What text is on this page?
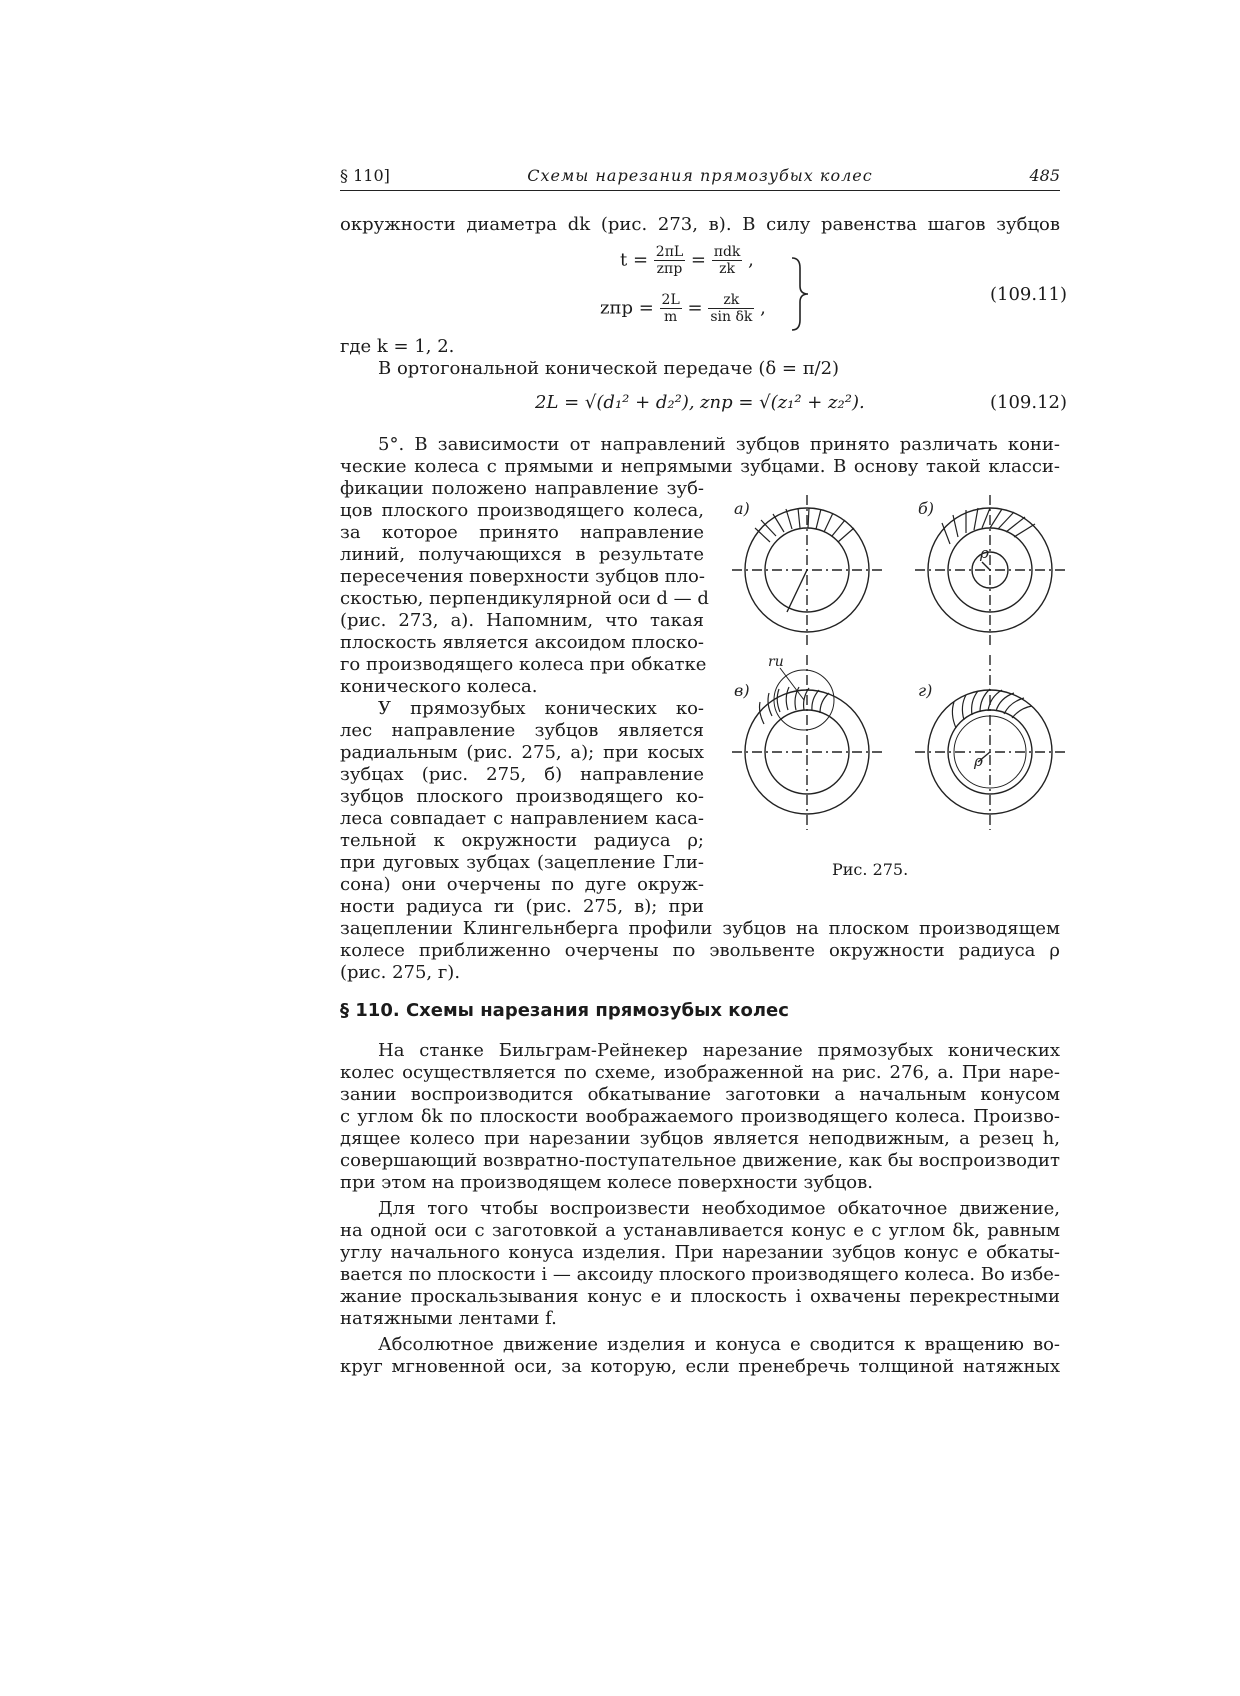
§ 110]	Схемы нарезания прямозубых колес	485
окружности диаметра dk (рис. 273, в). В силу равенства шагов зубцов
$t = \frac{2\pi L}{\text{zпр}} = \frac{\text{πdk}}{zk}$ ,
zпр = $\frac{2L}{m} = \frac{zk}{\text{sin δk}}$ ,
(109.11)
где k = 1, 2.
В ортогональной конической передаче (δ = π/2)
2L = √(d₁² + d₂²), zпр = √(z₁² + z₂²).	(109.12)
5°. В зависимости от направлений зубцов принято различать кони-
ческие колеса с прямыми и непрямыми зубцами. В основу такой класси-
фикации положено направление зуб-
цов плоского производящего колеса,
за которое принято направление
линий, получающихся в результате
пересечения поверхности зубцов пло-
скостью, перпендикулярной оси d — d
(рис. 273, а). Напомним, что такая
плоскость является аксоидом плоско-
го производящего колеса при обкатке
конического колеса.
У прямозубых конических ко-
лес направление зубцов является
радиальным (рис. 275, а); при косых
зубцах (рис. 275, б) направление
зубцов плоского производящего ко-
леса совпадает с направлением каса-
тельной к окружности радиуса ρ;
при дуговых зубцах (зацепление Гли-
сона) они очерчены по дуге окруж-
ности радиуса rи (рис. 275, в); при
зацеплении Клингельнберга профили зубцов на плоском производящем
колесе приближенно очерчены по эвольвенте окружности радиуса ρ
(рис. 275, г).
а)	б)
в)	г)
ρ
ρ
rи
Рис. 275.
§ 110. Схемы нарезания прямозубых колес
На станке Бильграм-Рейнекер нарезание прямозубых конических
колес осуществляется по схеме, изображенной на рис. 276, а. При наре-
зании воспроизводится обкатывание заготовки а начальным конусом
с углом δk по плоскости воображаемого производящего колеса. Произво-
дящее колесо при нарезании зубцов является неподвижным, а резец h,
совершающий возвратно-поступательное движение, как бы воспроизводит
при этом на производящем колесе поверхности зубцов.
Для того чтобы воспроизвести необходимое обкаточное движение,
на одной оси с заготовкой а устанавливается конус е с углом δk, равным
углу начального конуса изделия. При нарезании зубцов конус е обкаты-
вается по плоскости i — аксоиду плоского производящего колеса. Во избе-
жание проскальзывания конус е и плоскость i охвачены перекрестными
натяжными лентами f.
Абсолютное движение изделия и конуса е сводится к вращению во-
круг мгновенной оси, за которую, если пренебречь толщиной натяжных
